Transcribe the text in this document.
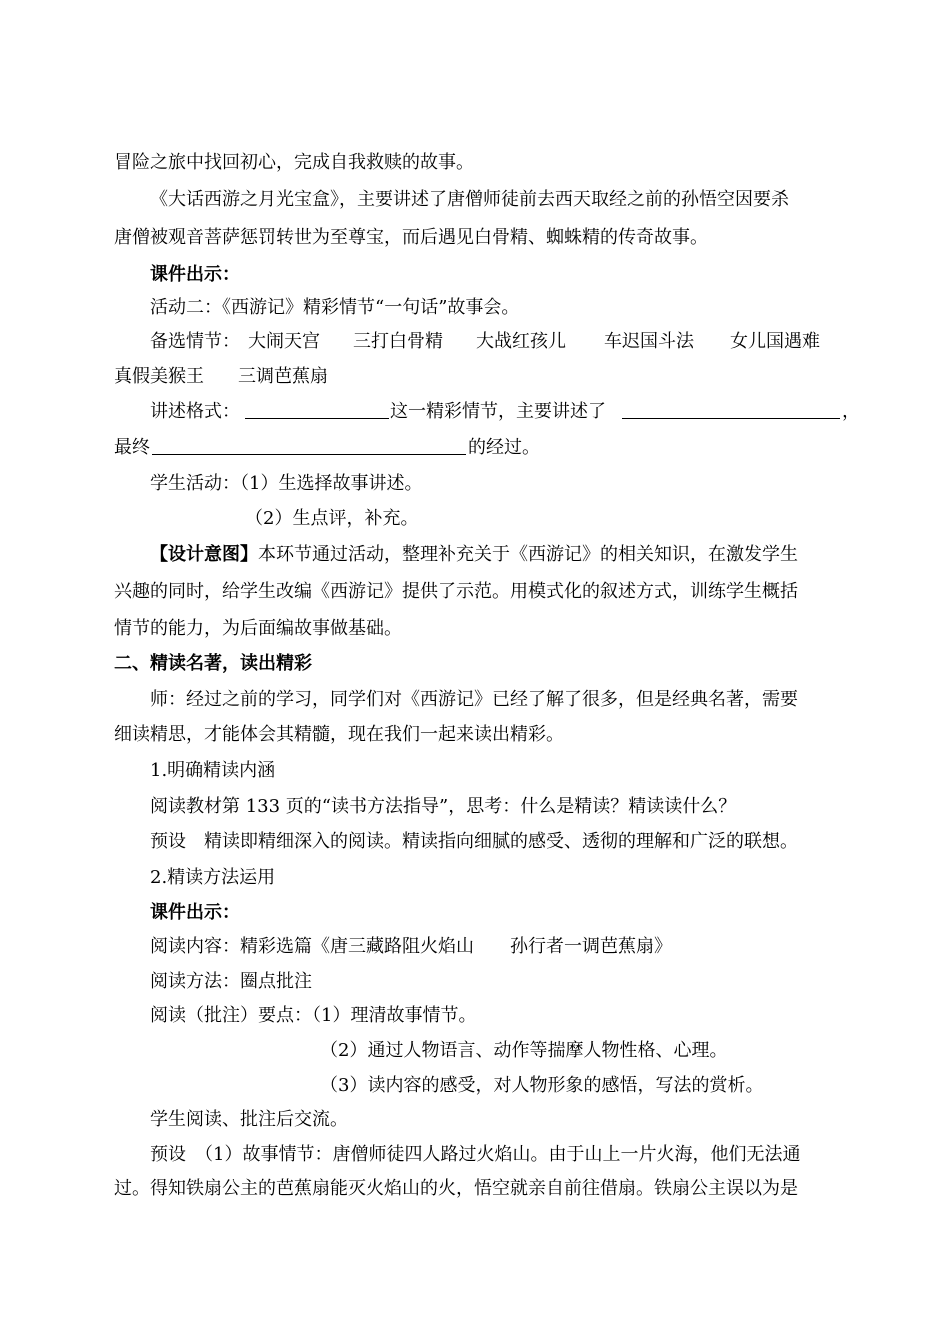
冒险之旅中找回初心，完成自我救赎的故事。
《大话西游之月光宝盒》，主要讲述了唐僧师徒前去西天取经之前的孙悟空因要杀
唐僧被观音菩萨惩罚转世为至尊宝，而后遇见白骨精、蜘蛛精的传奇故事。
课件出示：
活动二：《西游记》精彩情节“一句话”故事会。
备选情节： 大闹天宫 三打白骨精 大战红孩儿 车迟国斗法 女儿国遇难
真假美猴王 三调芭蕉扇
讲述格式：	这一精彩情节，主要讲述了	，
最终	的经过。
学生活动：（1）生选择故事讲述。
（2）生点评，补充。
【设计意图】本环节通过活动，整理补充关于《西游记》的相关知识，在激发学生
兴趣的同时，给学生改编《西游记》提供了示范。用模式化的叙述方式，训练学生概括
情节的能力，为后面编故事做基础。
二、精读名著，读出精彩
师：经过之前的学习，同学们对《西游记》已经了解了很多，但是经典名著，需要
细读精思，才能体会其精髓，现在我们一起来读出精彩。
1.明确精读内涵
阅读教材第 133 页的“读书方法指导”，思考：什么是精读？精读读什么？
预设　精读即精细深入的阅读。精读指向细腻的感受、透彻的理解和广泛的联想。
2.精读方法运用
课件出示：
阅读内容：精彩选篇《唐三藏路阻火焰山　　孙行者一调芭蕉扇》
阅读方法：圈点批注
阅读（批注）要点：（1）理清故事情节。
（2）通过人物语言、动作等揣摩人物性格、心理。
（3）读内容的感受，对人物形象的感悟，写法的赏析。
学生阅读、批注后交流。
预设　（1）故事情节：唐僧师徒四人路过火焰山。由于山上一片火海，他们无法通
过。得知铁扇公主的芭蕉扇能灭火焰山的火，悟空就亲自前往借扇。铁扇公主误以为是
